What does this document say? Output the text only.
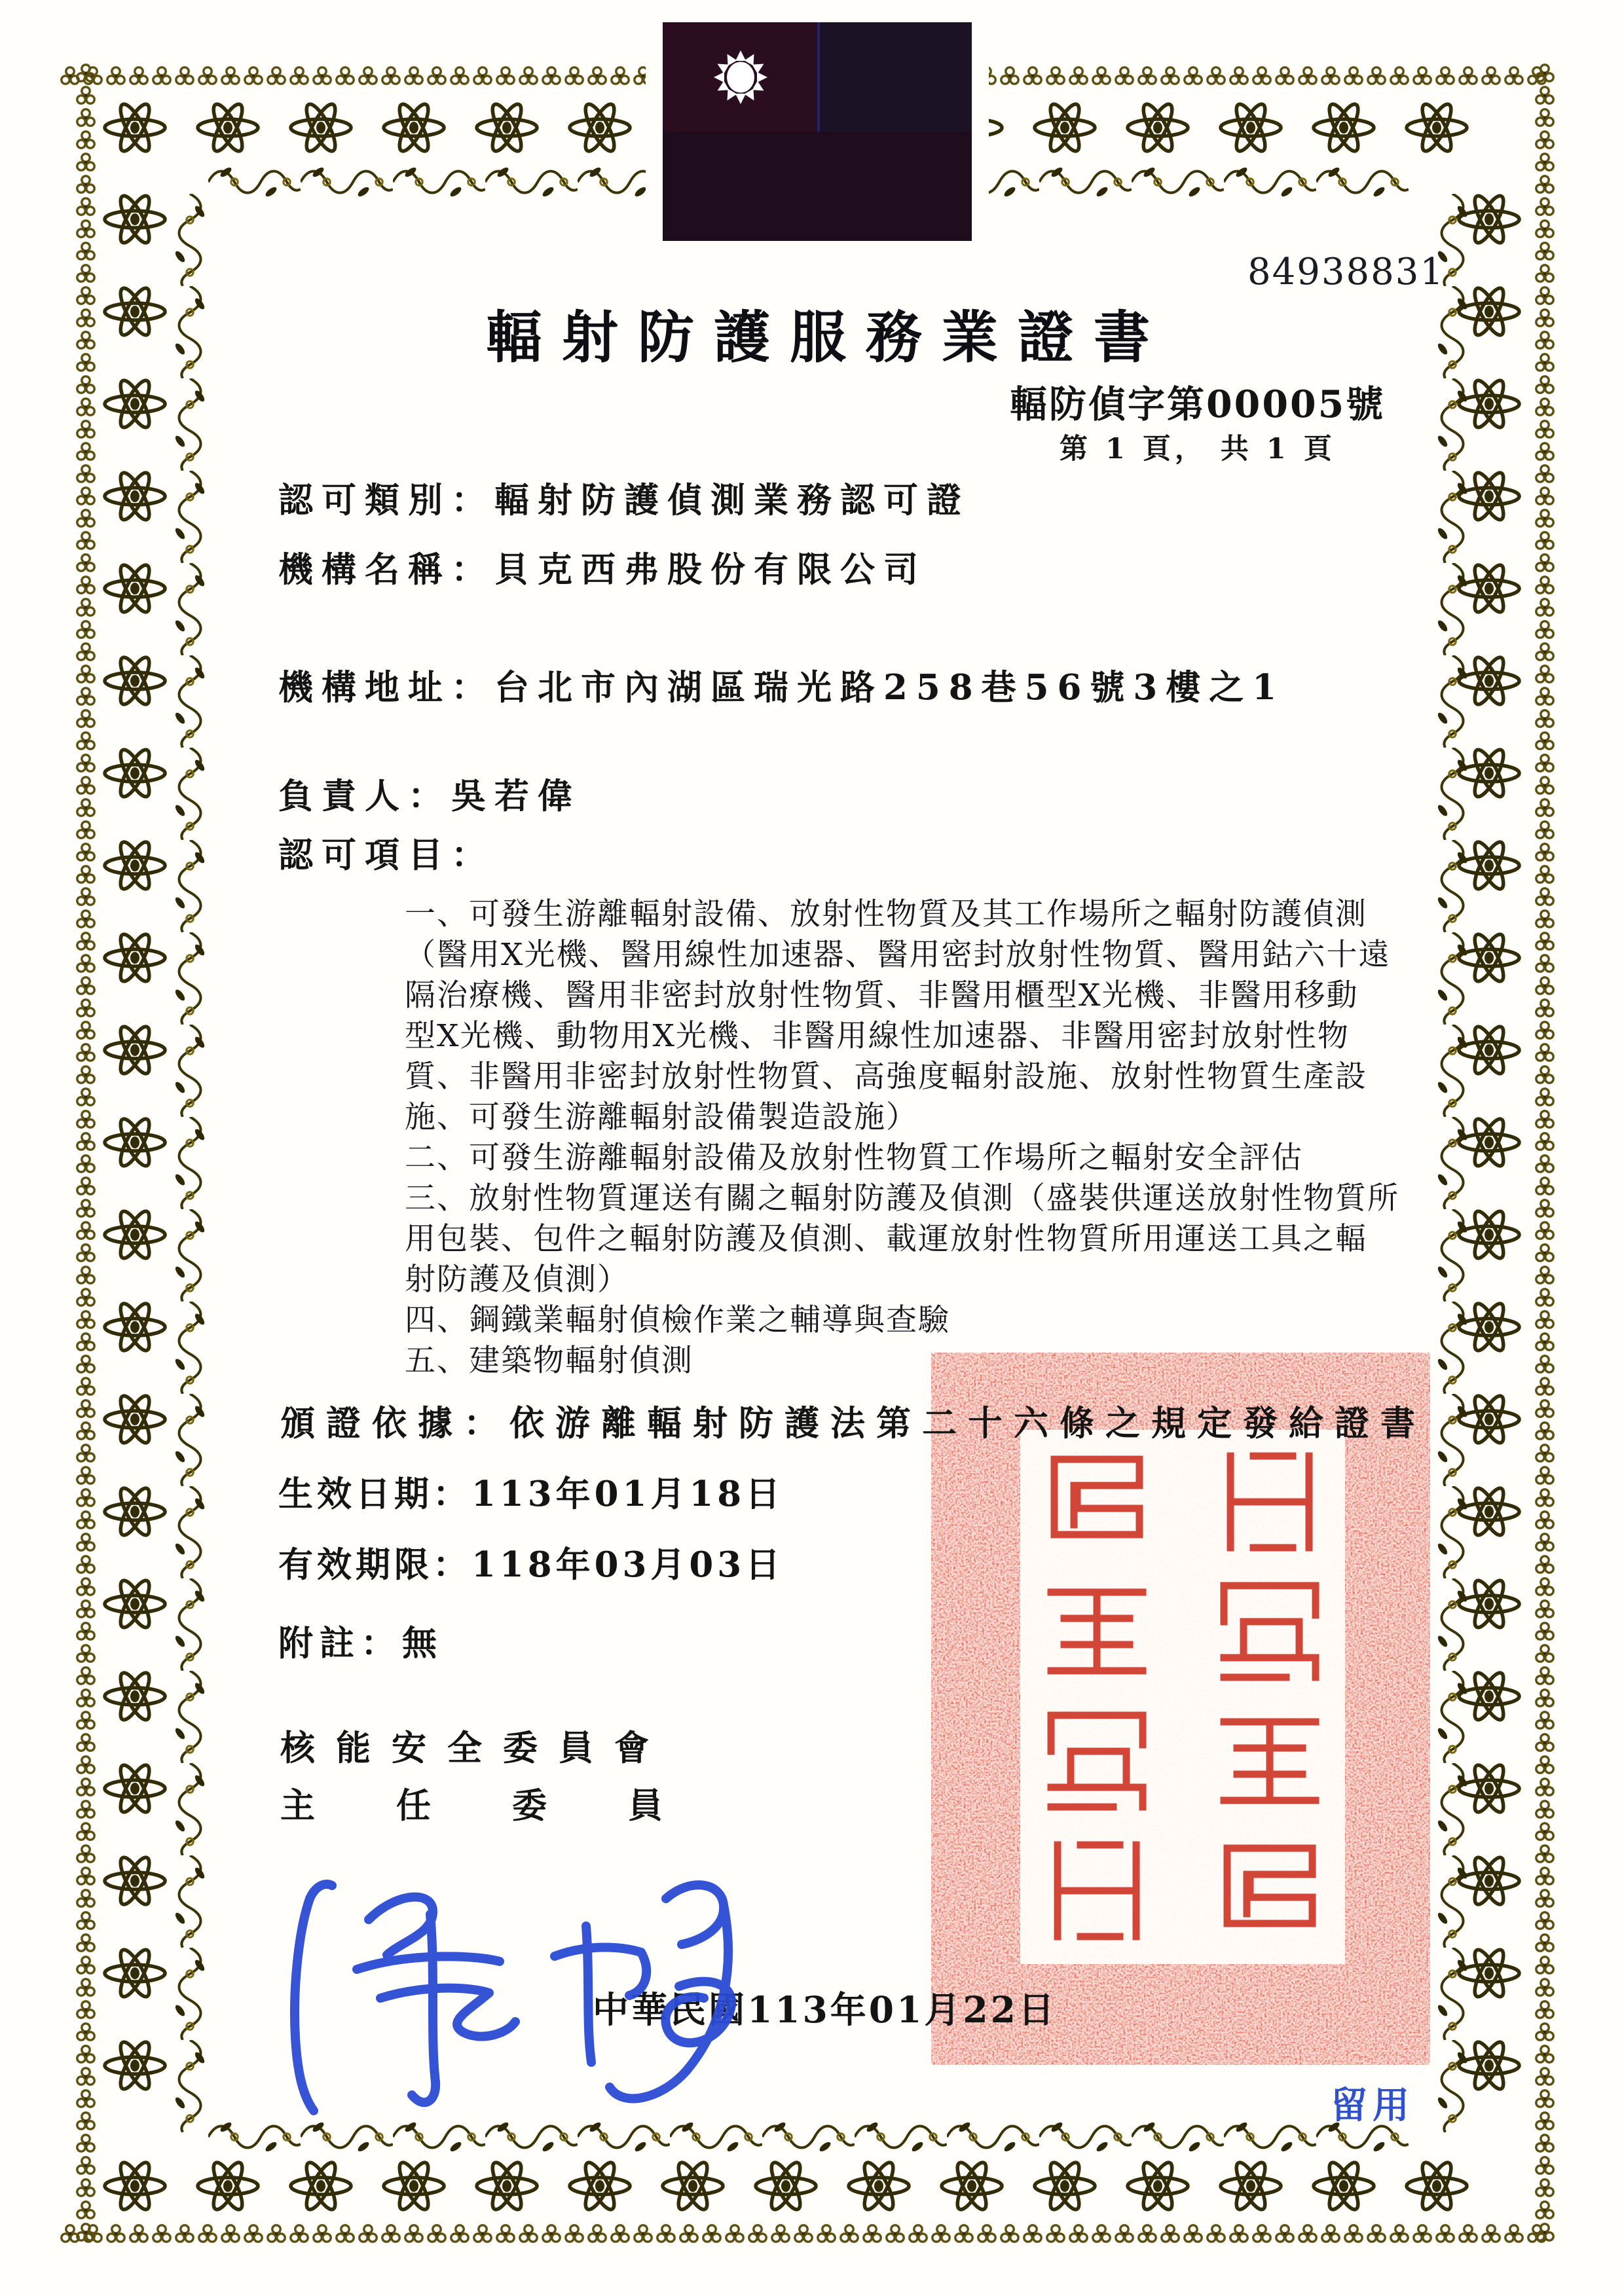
84938831
輻射防護服務業證書
輻防偵字第00005號
第 1 頁， 共 1 頁
認可類別：輻射防護偵測業務認可證
機構名稱：貝克西弗股份有限公司
機構地址：台北市內湖區瑞光路258巷56號3樓之1
負責人：吳若偉
認可項目：
一、可發生游離輻射設備、放射性物質及其工作場所之輻射防護偵測
（醫用X光機、醫用線性加速器、醫用密封放射性物質、醫用鈷六十遠
隔治療機、醫用非密封放射性物質、非醫用櫃型X光機、非醫用移動
型X光機、動物用X光機、非醫用線性加速器、非醫用密封放射性物
質、非醫用非密封放射性物質、高強度輻射設施、放射性物質生產設
施、可發生游離輻射設備製造設施）
二、可發生游離輻射設備及放射性物質工作場所之輻射安全評估
三、放射性物質運送有關之輻射防護及偵測（盛裝供運送放射性物質所
用包裝、包件之輻射防護及偵測、載運放射性物質所用運送工具之輻
射防護及偵測）
四、鋼鐵業輻射偵檢作業之輔導與查驗
五、建築物輻射偵測
頒證依據：依游離輻射防護法第二十六條之規定發給證書
生效日期：113年01月18日
有效期限：118年03月03日
附註：無
核能安全委員會
主任委員
中華民國113年01月22日
留用
